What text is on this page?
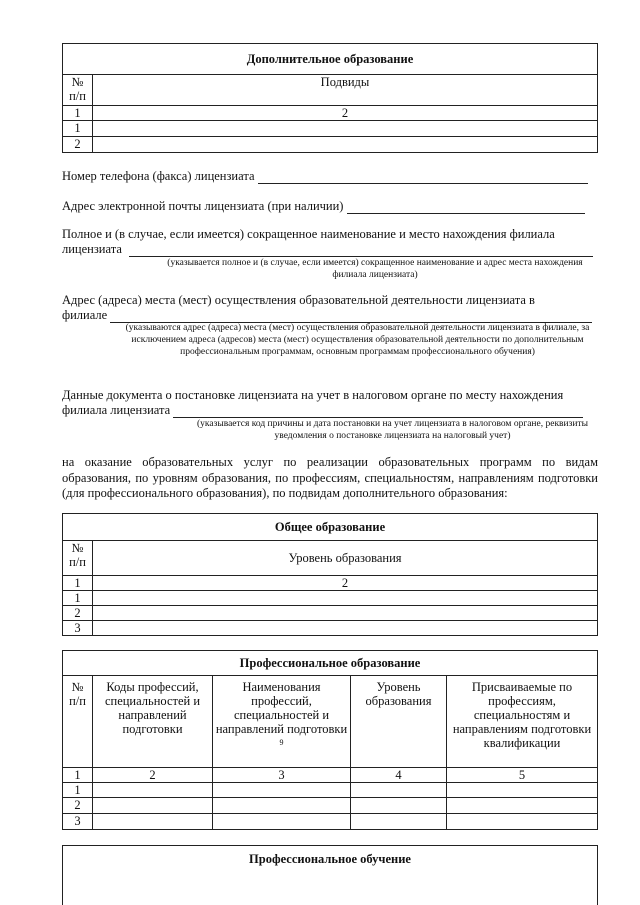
Дополнительное образование	
№ п/п	Подвиды
1	2
1	
2	
Номер телефона (факса) лицензиата
Адрес электронной почты лицензиата (при наличии)
Полное и (в случае, если имеется) сокращенное наименование и место нахождения филиала
лицензиата
(указывается полное и (в случае, если имеется) сокращенное наименование и адрес места нахождения филиала лицензиата)
Адрес (адреса) места (мест) осуществления образовательной деятельности лицензиата в
филиале
(указываются адрес (адреса) места (мест) осуществления образовательной деятельности лицензиата в филиале, за исключением адреса (адресов) места (мест) осуществления образовательной деятельности по дополнительным профессиональным программам, основным программам профессионального обучения)
Данные документа о постановке лицензиата на учет в налоговом органе по месту нахождения
филиала лицензиата
(указывается код причины и дата постановки на учет лицензиата в налоговом органе, реквизиты уведомления о постановке лицензиата на налоговый учет)
на оказание образовательных услуг по реализации образовательных программ по видам образования, по уровням образования, по профессиям, специальностям, направлениям подготовки (для профессионального образования), по подвидам дополнительного образования:
Общее образование	
№ п/п	Уровень образования
1	2
1	
2	
3	
Профессиональное образование				
№ п/п	Коды профессий, специальностей и направлений подготовки	Наименования профессий, специальностей и направлений подготовки $^9$	Уровень образования	Присваиваемые по профессиям, специальностям и направлениям подготовки квалификации
1	2	3	4	5
1				
2				
3				
Профессиональное обучение
